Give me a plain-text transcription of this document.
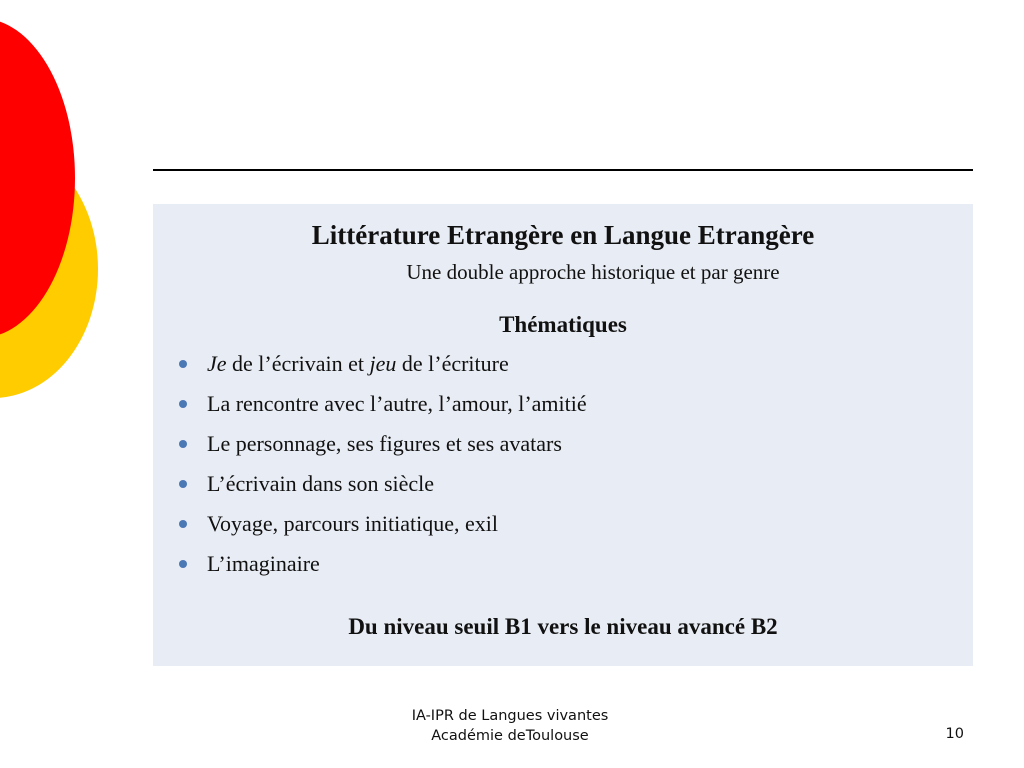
Littérature Etrangère en Langue Etrangère
Une double approche historique et par genre
Thématiques
Je de l’écrivain et jeu de l’écriture
La rencontre avec l’autre, l’amour, l’amitié
Le personnage, ses figures et ses avatars
L’écrivain dans son siècle
Voyage, parcours initiatique, exil
L’imaginaire
Du niveau seuil B1 vers le niveau avancé B2
IA-IPR de Langues vivantes
Académie deToulouse	10
